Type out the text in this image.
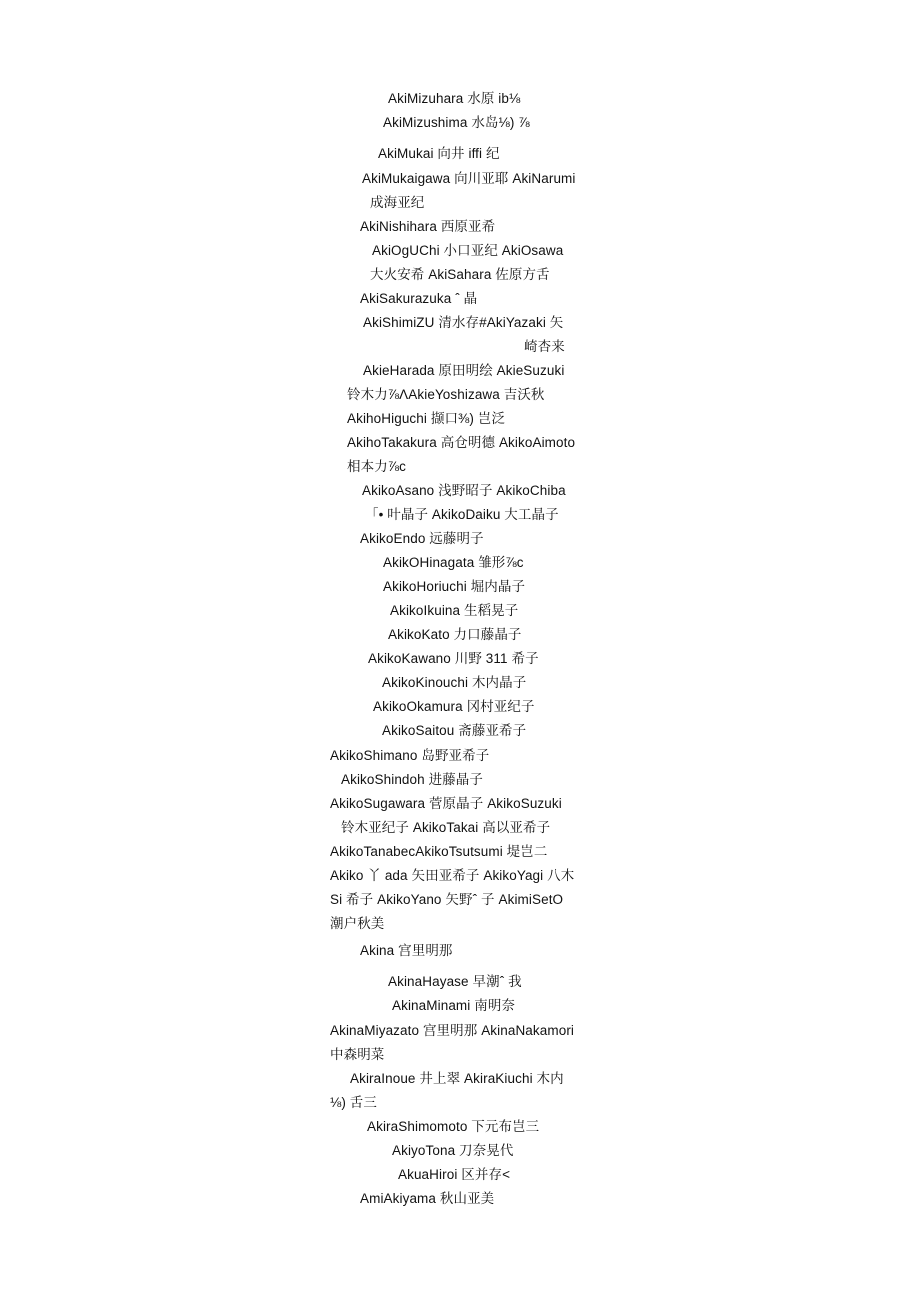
AkiMizuhara 水原 ib⅛
AkiMizushima 水岛⅛) ⅞
AkiMukai 向井 iffi 纪
AkiMukaigawa 向川亚耶 AkiNarumi
成海亚纪
AkiNishihara 西原亚希
AkiOgUChi 小口亚纪 AkiOsawa
大火安希 AkiSahara 佐原方舌
AkiSakurazuka ˆ 晶
AkiShimiZU 清水存#AkiYazaki 矢
崎杏来
AkieHarada 原田明绘 AkieSuzuki
铃木力⅞ΛAkieYoshizawa 吉沃秋
AkihoHiguchi 撷口⅜) 岂泛
AkihoTakakura 高仓明德 AkikoAimoto
相本力⅞c
AkikoAsano 浅野昭子 AkikoChiba
「• 叶晶子 AkikoDaiku 大工晶子
AkikoEndo 远藤明子
AkikOHinagata 雏形⅞c
AkikoHoriuchi 堀内晶子
AkikoIkuina 生稻晃子
AkikoKato 力口藤晶子
AkikoKawano 川野 311 希子
AkikoKinouchi 木内晶子
AkikoOkamura 冈村亚纪子
AkikoSaitou 斋藤亚希子
AkikoShimano 岛野亚希子
AkikoShindoh 进藤晶子
AkikoSugawara 菅原晶子 AkikoSuzuki
铃木亚纪子 AkikoTakai 高以亚希子
AkikoTanabecAkikoTsutsumi 堤岂二
Akiko 丫 ada 矢田亚希子 AkikoYagi 八木
Si 希子 AkikoYano 矢野ˆ 子 AkimiSetO
潮户秋美
Akina 宫里明那
AkinaHayase 早潮ˆ 我
AkinaMinami 南明奈
AkinaMiyazato 宫里明那 AkinaNakamori
中森明菜
AkiraInoue 井上翠 AkiraKiuchi 木内
⅛) 舌三
AkiraShimomoto 下元布岂三
AkiyoTona 刀奈晃代
AkuaHiroi 区并存<
AmiAkiyama 秋山亚美
